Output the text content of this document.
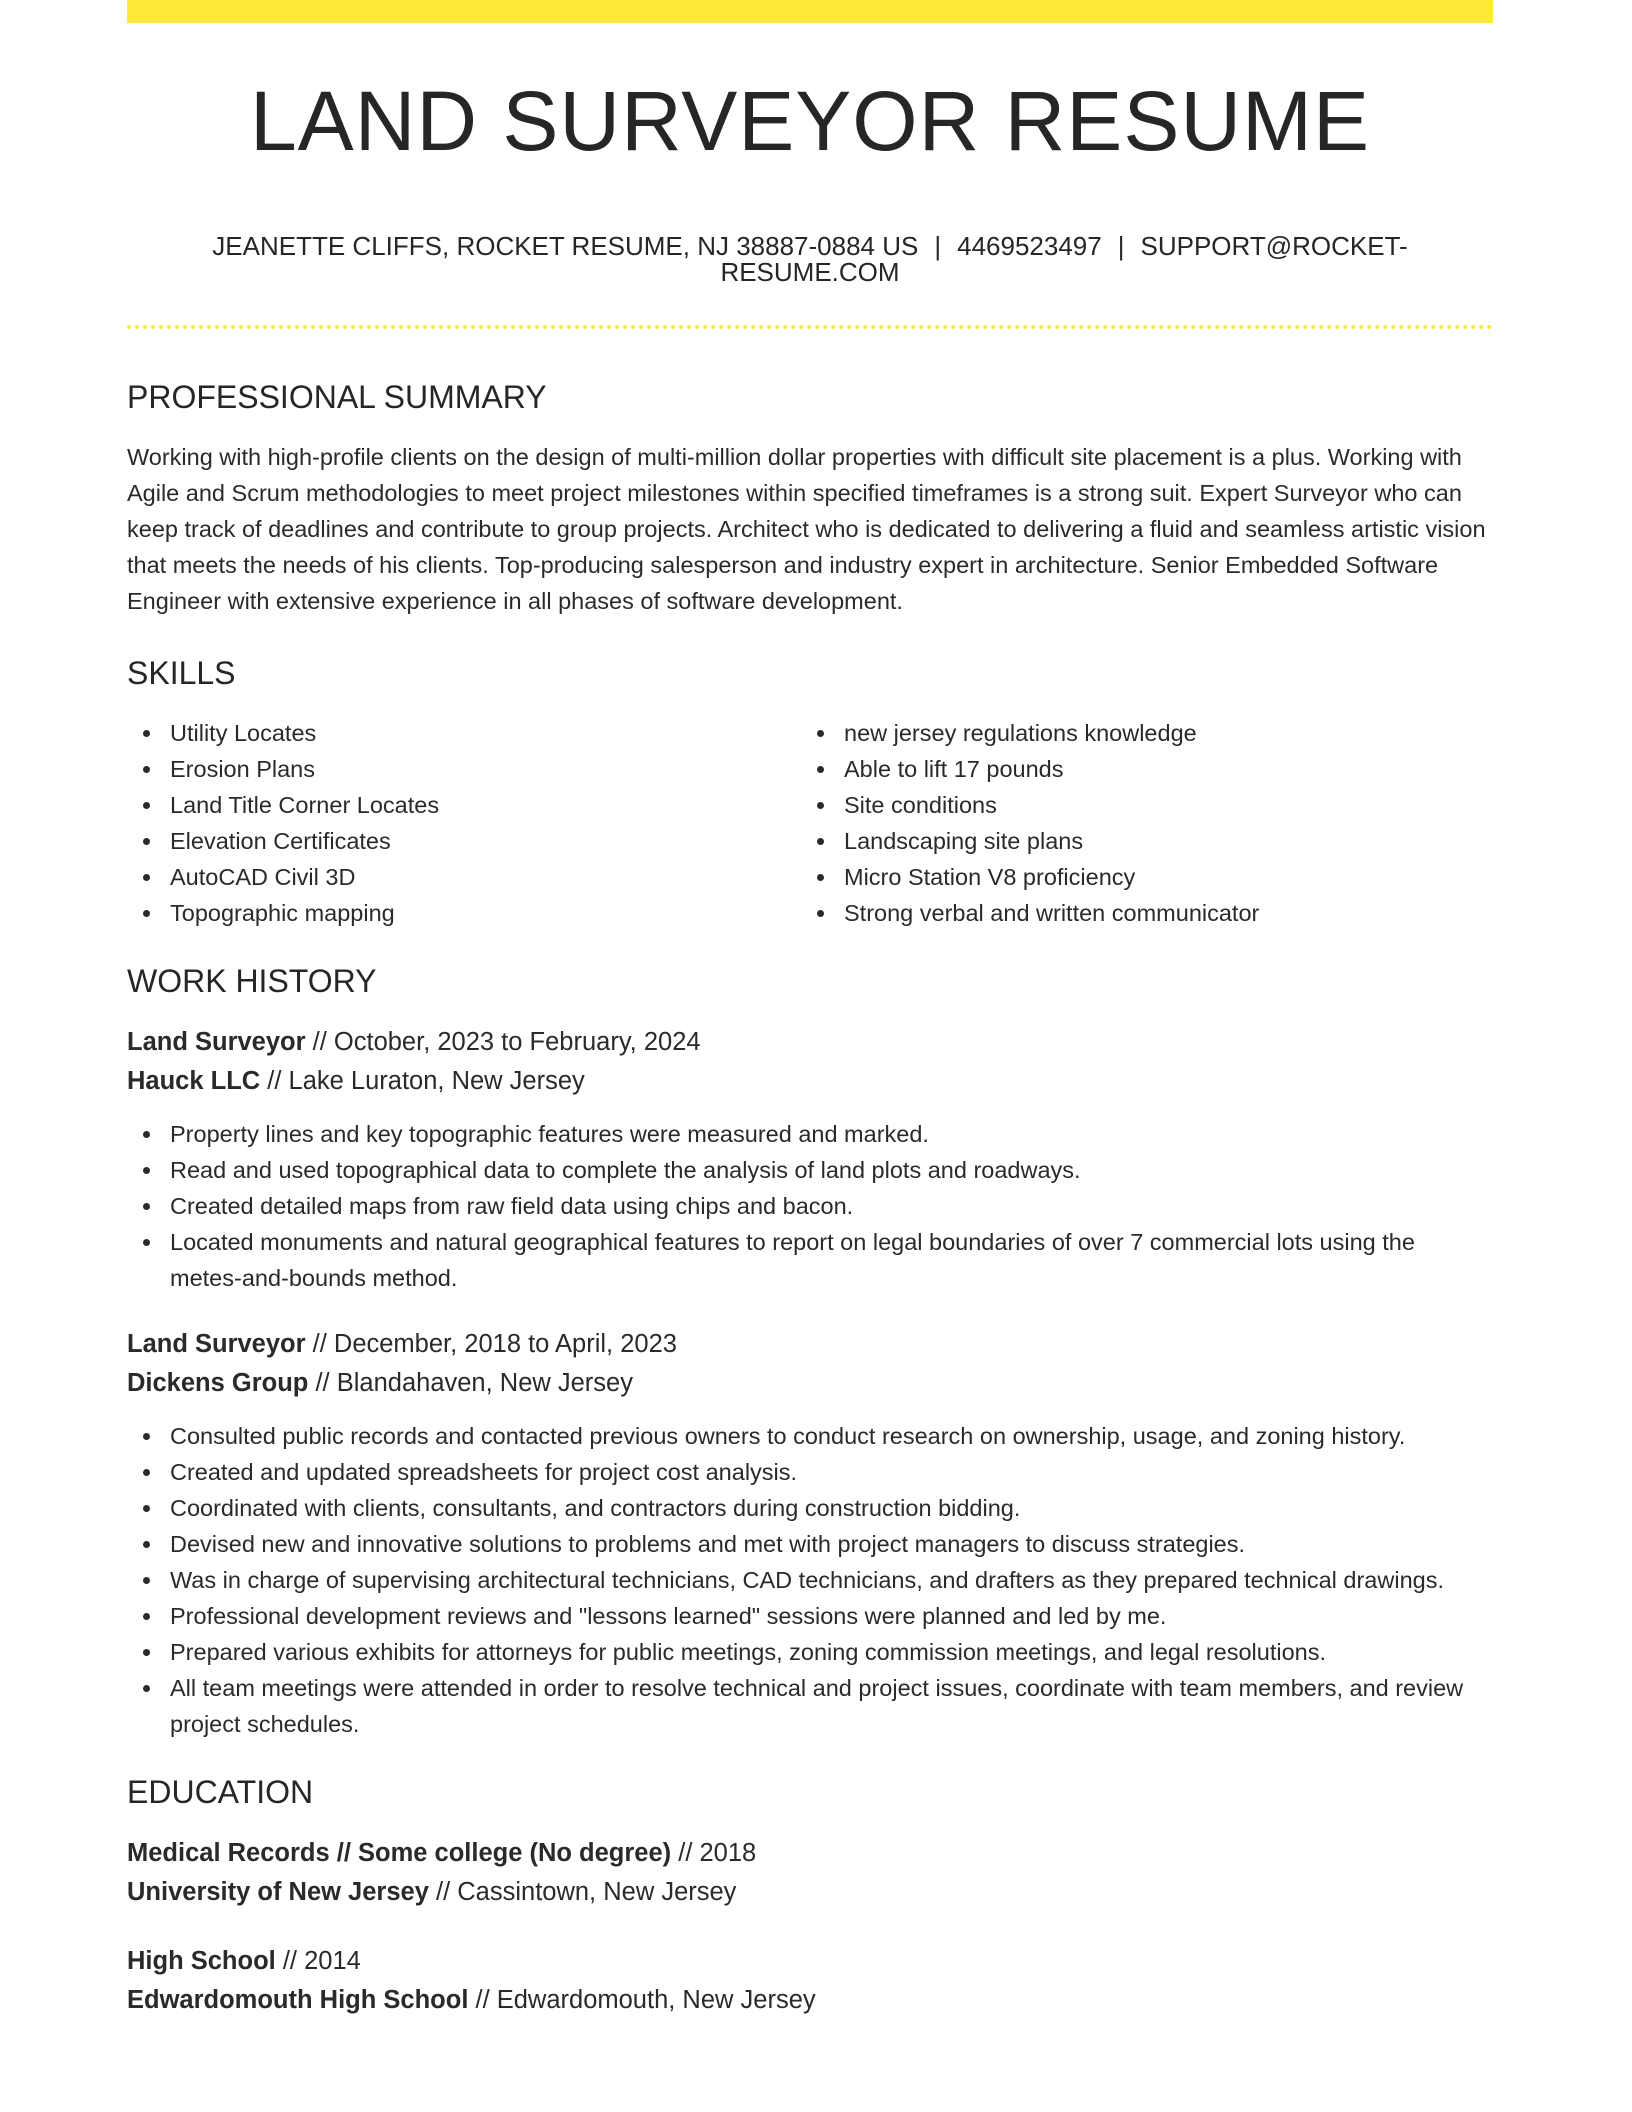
LAND SURVEYOR RESUME
JEANETTE CLIFFS, ROCKET RESUME, NJ 38887-0884 US | 4469523497 | SUPPORT@ROCKET-RESUME.COM
PROFESSIONAL SUMMARY

Working with high-profile clients on the design of multi-million dollar properties with difficult site placement is a plus. Working with Agile and Scrum methodologies to meet project milestones within specified timeframes is a strong suit. Expert Surveyor who can keep track of deadlines and contribute to group projects. Architect who is dedicated to delivering a fluid and seamless artistic vision that meets the needs of his clients. Top-producing salesperson and industry expert in architecture. Senior Embedded Software Engineer with extensive experience in all phases of software development.

SKILLS
Utility Locates
Erosion Plans
Land Title Corner Locates
Elevation Certificates
AutoCAD Civil 3D
Topographic mapping
new jersey regulations knowledge
Able to lift 17 pounds
Site conditions
Landscaping site plans
Micro Station V8 proficiency
Strong verbal and written communicator
WORK HISTORY
Land Surveyor // October, 2023 to February, 2024
Hauck LLC // Lake Luraton, New Jersey
Property lines and key topographic features were measured and marked.
Read and used topographical data to complete the analysis of land plots and roadways.
Created detailed maps from raw field data using chips and bacon.
Located monuments and natural geographical features to report on legal boundaries of over 7 commercial lots using the metes-and-bounds method.
Land Surveyor // December, 2018 to April, 2023
Dickens Group // Blandahaven, New Jersey
Consulted public records and contacted previous owners to conduct research on ownership, usage, and zoning history.
Created and updated spreadsheets for project cost analysis.
Coordinated with clients, consultants, and contractors during construction bidding.
Devised new and innovative solutions to problems and met with project managers to discuss strategies.
Was in charge of supervising architectural technicians, CAD technicians, and drafters as they prepared technical drawings.
Professional development reviews and "lessons learned" sessions were planned and led by me.
Prepared various exhibits for attorneys for public meetings, zoning commission meetings, and legal resolutions.
All team meetings were attended in order to resolve technical and project issues, coordinate with team members, and review project schedules.
EDUCATION
Medical Records // Some college (No degree) // 2018
University of New Jersey // Cassintown, New Jersey
High School // 2014
Edwardomouth High School // Edwardomouth, New Jersey
